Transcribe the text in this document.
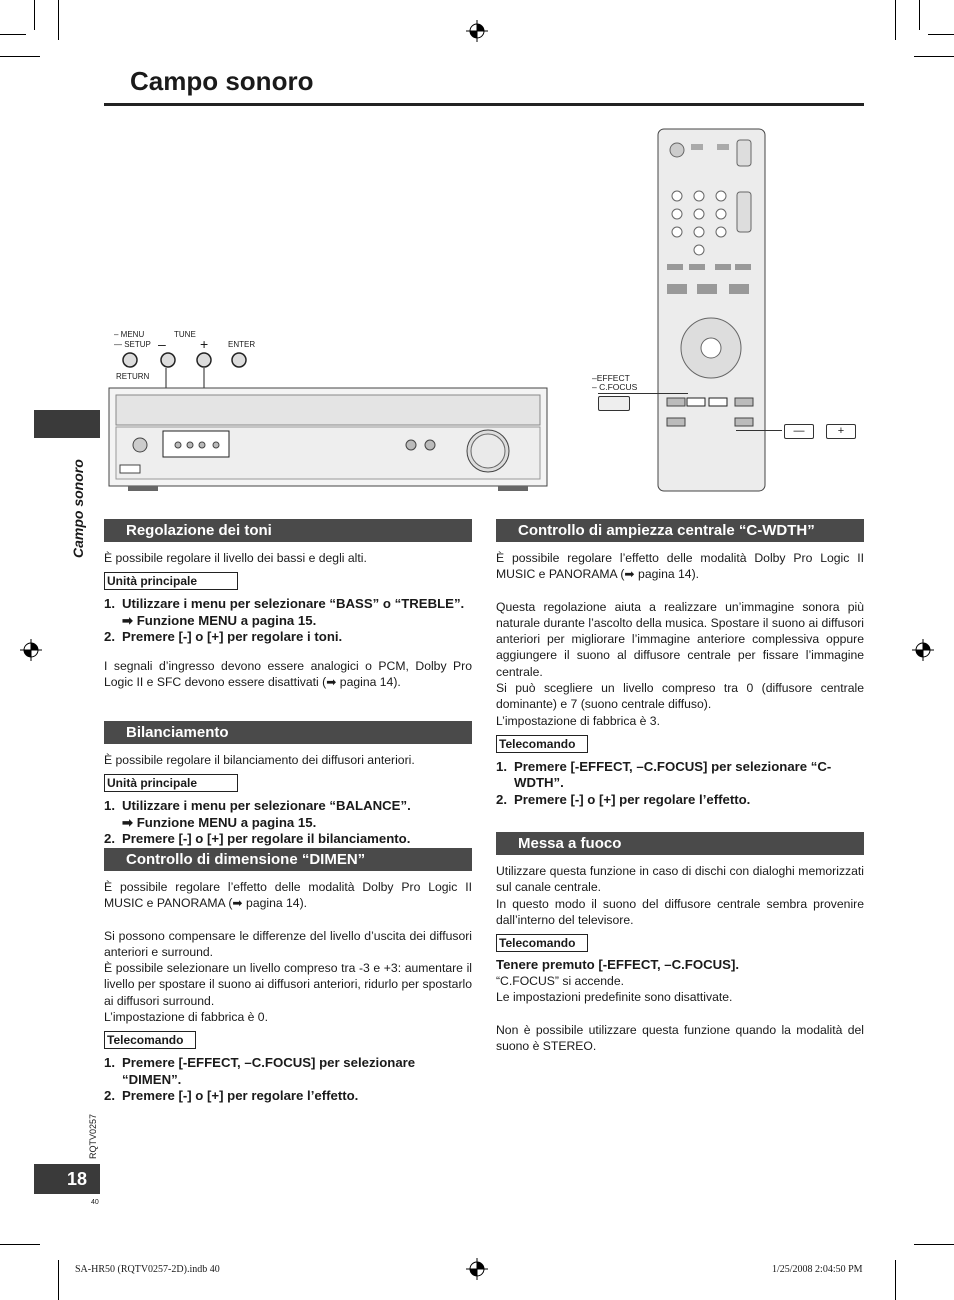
Campo sonoro
Campo sonoro
RQTV0257
18
40
– MENU
— SETUP
TUNE
– + ENTER
RETURN	–EFFECT
– C.FOCUS
—	+
Regolazione dei toni

È possibile regolare il livello dei bassi e degli alti.

Unità principale
1. Utilizzare i menu per selezionare “BASS” o “TREBLE”.
➡ Funzione MENU a pagina 15.
2. Premere [-] o [+] per regolare i toni.

I segnali d’ingresso devono essere analogici o PCM, Dolby Pro Logic II e SFC devono essere disattivati (➡ pagina 14).

Bilanciamento

È possibile regolare il bilanciamento dei diffusori anteriori.

Unità principale
1. Utilizzare i menu per selezionare “BALANCE”.
➡ Funzione MENU a pagina 15.
2. Premere [-] o [+] per regolare il bilanciamento.
Controllo di dimensione “DIMEN”

È possibile regolare l’effetto delle modalità Dolby Pro Logic II MUSIC e PANORAMA (➡ pagina 14).

Si possono compensare le differenze del livello d’uscita dei diffusori anteriori e surround.

È possibile selezionare un livello compreso tra -3 e +3: aumentare il livello per spostare il suono ai diffusori anteriori, ridurlo per spostarlo ai diffusori surround.

L’impostazione di fabbrica è 0.

Telecomando
1. Premere [-EFFECT, –C.FOCUS] per selezionare “DIMEN”.
2. Premere [-] o [+] per regolare l’effetto.
Controllo di ampiezza centrale “C-WDTH”

È possibile regolare l’effetto delle modalità Dolby Pro Logic II MUSIC e PANORAMA (➡ pagina 14).

Questa regolazione aiuta a realizzare un’immagine sonora più naturale durante l’ascolto della musica. Spostare il suono ai diffusori anteriori per migliorare l’immagine anteriore complessiva oppure aggiungere il suono al diffusore centrale per fissare l’immagine centrale.

Si può scegliere un livello compreso tra 0 (diffusore centrale dominante) e 7 (suono centrale diffuso).

L’impostazione di fabbrica è 3.

Telecomando
1. Premere [-EFFECT, –C.FOCUS] per selezionare “C-WDTH”.
2. Premere [-] o [+] per regolare l’effetto.
Messa a fuoco

Utilizzare questa funzione in caso di dischi con dialoghi memorizzati sul canale centrale.

In questo modo il suono del diffusore centrale sembra provenire dall’interno del televisore.

Telecomando
Tenere premuto [-EFFECT, –C.FOCUS].

“C.FOCUS” si accende.

Le impostazioni predefinite sono disattivate.

Non è possibile utilizzare questa funzione quando la modalità del suono è STEREO.

SA-HR50 (RQTV0257-2D).indb 40	1/25/2008 2:04:50 PM
